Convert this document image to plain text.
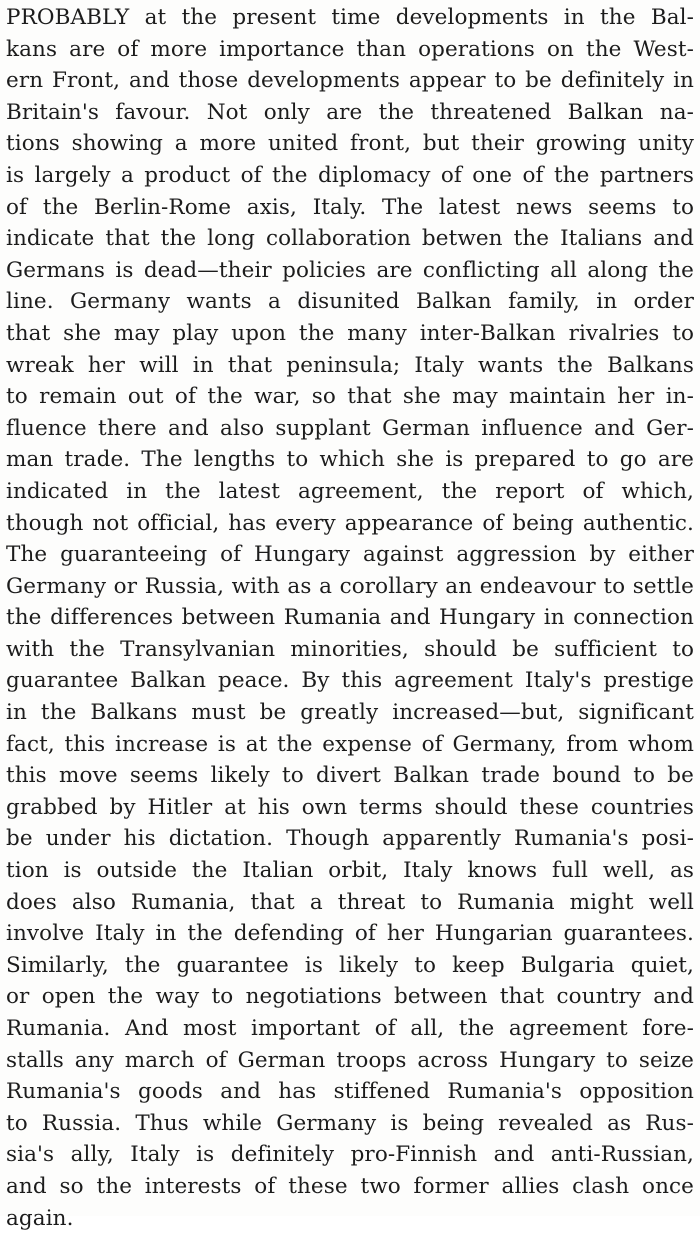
PROBABLY at the present time developments in the Bal-
kans are of more importance than operations on the West-
ern Front, and those developments appear to be definitely in
Britain's favour. Not only are the threatened Balkan na-
tions showing a more united front, but their growing unity
is largely a product of the diplomacy of one of the partners
of the Berlin-Rome axis, Italy. The latest news seems to
indicate that the long collaboration betwen the Italians and
Germans is dead—their policies are conflicting all along the
line. Germany wants a disunited Balkan family, in order
that she may play upon the many inter-Balkan rivalries to
wreak her will in that peninsula; Italy wants the Balkans
to remain out of the war, so that she may maintain her in-
fluence there and also supplant German influence and Ger-
man trade. The lengths to which she is prepared to go are
indicated in the latest agreement, the report of which,
though not official, has every appearance of being authentic.
The guaranteeing of Hungary against aggression by either
Germany or Russia, with as a corollary an endeavour to settle
the differences between Rumania and Hungary in connection
with the Transylvanian minorities, should be sufficient to
guarantee Balkan peace. By this agreement Italy's prestige
in the Balkans must be greatly increased—but, significant
fact, this increase is at the expense of Germany, from whom
this move seems likely to divert Balkan trade bound to be
grabbed by Hitler at his own terms should these countries
be under his dictation. Though apparently Rumania's posi-
tion is outside the Italian orbit, Italy knows full well, as
does also Rumania, that a threat to Rumania might well
involve Italy in the defending of her Hungarian guarantees.
Similarly, the guarantee is likely to keep Bulgaria quiet,
or open the way to negotiations between that country and
Rumania. And most important of all, the agreement fore-
stalls any march of German troops across Hungary to seize
Rumania's goods and has stiffened Rumania's opposition
to Russia. Thus while Germany is being revealed as Rus-
sia's ally, Italy is definitely pro-Finnish and anti-Russian,
and so the interests of these two former allies clash once
again.
